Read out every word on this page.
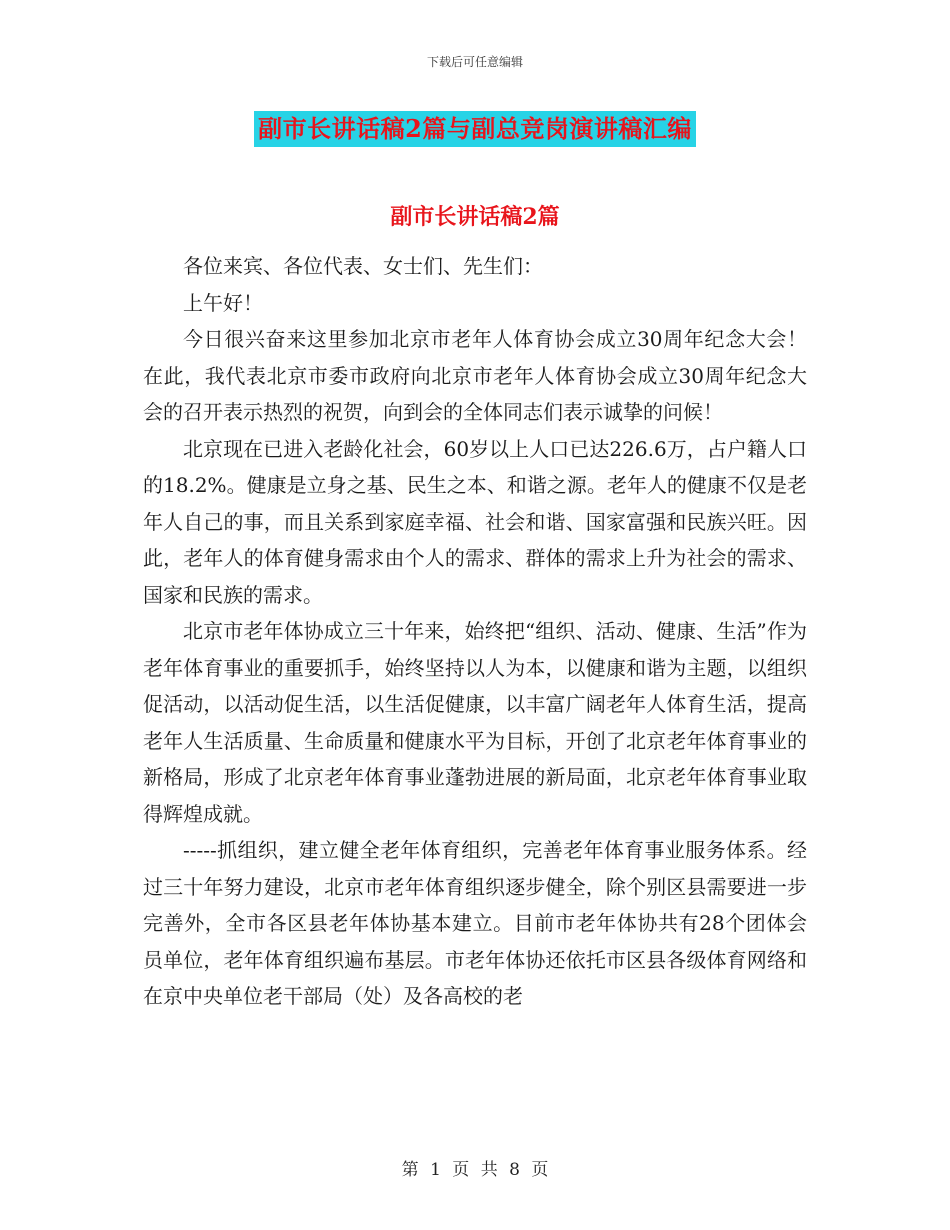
下载后可任意编辑
副市长讲话稿2篇与副总竞岗演讲稿汇编
副市长讲话稿2篇

各位来宾、各位代表、女士们、先生们：

上午好！

今日很兴奋来这里参加北京市老年人体育协会成立30周年纪念大会！在此，我代表北京市委市政府向北京市老年人体育协会成立30周年纪念大会的召开表示热烈的祝贺，向到会的全体同志们表示诚挚的问候！

北京现在已进入老龄化社会，60岁以上人口已达226.6万，占户籍人口的18.2%。健康是立身之基、民生之本、和谐之源。老年人的健康不仅是老年人自己的事，而且关系到家庭幸福、社会和谐、国家富强和民族兴旺。因此，老年人的体育健身需求由个人的需求、群体的需求上升为社会的需求、国家和民族的需求。

北京市老年体协成立三十年来，始终把“组织、活动、健康、生活”作为老年体育事业的重要抓手，始终坚持以人为本，以健康和谐为主题，以组织促活动，以活动促生活，以生活促健康，以丰富广阔老年人体育生活，提高老年人生活质量、生命质量和健康水平为目标，开创了北京老年体育事业的新格局，形成了北京老年体育事业蓬勃进展的新局面，北京老年体育事业取得辉煌成就。

-----抓组织，建立健全老年体育组织，完善老年体育事业服务体系。经过三十年努力建设，北京市老年体育组织逐步健全，除个别区县需要进一步完善外，全市各区县老年体协基本建立。目前市老年体协共有28个团体会员单位，老年体育组织遍布基层。市老年体协还依托市区县各级体育网络和在京中央单位老干部局（处）及各高校的老

第 1 页 共 8 页
